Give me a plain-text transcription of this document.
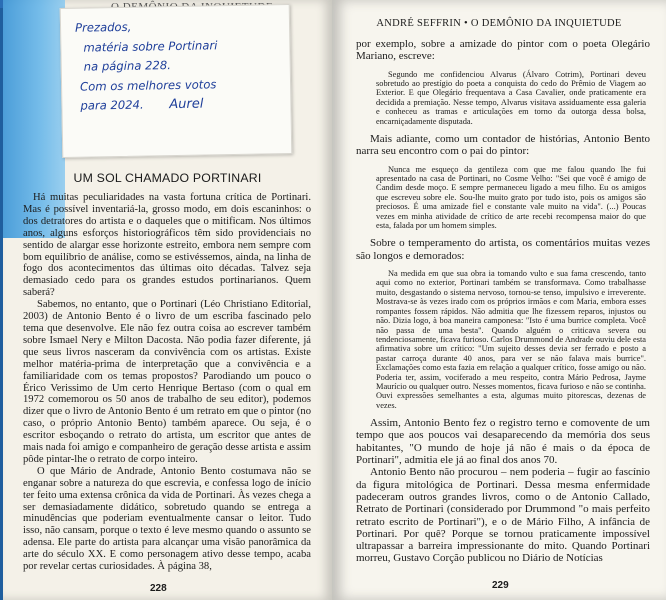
Prezados,
matéria sobre Portinari
na página 228.
Com os melhores votos
para 2024. Aurel
UM SOL CHAMADO PORTINARI

Há muitas peculiaridades na vasta fortuna crítica de Portinari. Mas é possível inventariá-la, grosso modo, em dois escaninhos: o dos detratores do artista e o daqueles que o mitificam. Nos últimos anos, alguns esforços historiográficos têm sido providenciais no sentido de alargar esse horizonte estreito, embora nem sempre com bom equilíbrio de análise, como se estivéssemos, ainda, na linha de fogo dos acontecimentos das últimas oito décadas. Talvez seja demasiado cedo para os grandes estudos portinarianos. Quem saberá?

Sabemos, no entanto, que o Portinari (Léo Christiano Editorial, 2003) de Antonio Bento é o livro de um escriba fascinado pelo tema que desenvolve. Ele não fez outra coisa ao escrever também sobre Ismael Nery e Milton Dacosta. Não podia fazer diferente, já que seus livros nasceram da convivência com os artistas. Existe melhor matéria-prima de interpretação que a convivência e a familiaridade com os temas propostos? Parodiando um pouco o Érico Verissimo de Um certo Henrique Bertaso (com o qual em 1972 comemorou os 50 anos de trabalho de seu editor), podemos dizer que o livro de Antonio Bento é um retrato em que o pintor (no caso, o próprio Antonio Bento) também aparece. Ou seja, é o escritor esboçando o retrato do artista, um escritor que antes de mais nada foi amigo e companheiro de geração desse artista e assim pôde pintar-lhe o retrato de corpo inteiro.

O que Mário de Andrade, Antonio Bento costumava não se enganar sobre a natureza do que escrevia, e confessa logo de início ter feito uma extensa crônica da vida de Portinari. Às vezes chega a ser demasiadamente didático, sobretudo quando se entrega a minudências que poderiam eventualmente cansar o leitor. Tudo isso, não cansam, porque o texto é leve mesmo quando o assunto se adensa. Ele parte do artista para alcançar uma visão panorâmica da arte do século XX. E como personagem ativo desse tempo, acaba por revelar certas curiosidades. À página 38,

228
ANDRÉ SEFFRIN • O DEMÔNIO DA INQUIETUDE

por exemplo, sobre a amizade do pintor com o poeta Olegário Mariano, escreve:

Segundo me confidenciou Alvarus (Álvaro Cotrim), Portinari deveu sobretudo ao prestígio do poeta a conquista do cedo do Prêmio de Viagem ao Exterior. E que Olegário frequentava a Casa Cavalier, onde praticamente era decidida a premiação. Nesse tempo, Alvarus visitava assiduamente essa galeria e conheceu as tramas e articulações em torno da outorga dessa bolsa, encarniçadamente disputada.

Mais adiante, como um contador de histórias, Antonio Bento narra seu encontro com o pai do pintor:

Nunca me esqueço da gentileza com que me falou quando lhe fui apresentado na casa de Portinari, no Cosme Velho: "Sei que você é amigo de Candim desde moço. E sempre permaneceu ligado a meu filho. Eu os amigos que escreveu sobre ele. Sou-lhe muito grato por tudo isto, pois os amigos são preciosos. É uma amizade fiel e constante vale muito na vida". (...) Poucas vezes em minha atividade de crítico de arte recebi recompensa maior do que esta, falada por um homem simples.

Sobre o temperamento do artista, os comentários muitas vezes são longos e demorados:

Na medida em que sua obra ia tomando vulto e sua fama crescendo, tanto aqui como no exterior, Portinari também se transformava. Como trabalhasse muito, desgastando o sistema nervoso, tornou-se tenso, impulsivo e irreverente. Mostrava-se às vezes irado com os próprios irmãos e com Maria, embora esses rompantes fossem rápidos. Não admitia que lhe fizessem reparos, injustos ou não. Dizia logo, à boa maneira camponesa: "Isto é uma burrice completa. Você não passa de uma besta". Quando alguém o criticava severa ou tendenciosamente, ficava furioso. Carlos Drummond de Andrade ouviu dele esta afirmativa sobre um crítico: "Um sujeito desses devia ser ferrado e posto a pastar carroça durante 40 anos, para ver se não falava mais burrice". Exclamações como esta fazia em relação a qualquer crítico, fosse amigo ou não. Poderia ter, assim, vociferado a meu respeito, contra Mário Pedrosa, Jayme Maurício ou qualquer outro. Nesses momentos, ficava furioso e não se continha. Ouvi expressões semelhantes a esta, algumas muito pitorescas, dezenas de vezes.

Assim, Antonio Bento fez o registro terno e comovente de um tempo que aos poucos vai desaparecendo da memória dos seus habitantes, "O mundo de hoje já não é mais o da época de Portinari", admitia ele já ao final dos anos 70.

Antonio Bento não procurou – nem poderia – fugir ao fascínio da figura mitológica de Portinari. Dessa mesma enfermidade padeceram outros grandes livros, como o de Antonio Callado, Retrato de Portinari (considerado por Drummond "o mais perfeito retrato escrito de Portinari"), e o de Mário Filho, A infância de Portinari. Por quê? Porque se tornou praticamente impossível ultrapassar a barreira impressionante do mito. Quando Portinari morreu, Gustavo Corção publicou no Diário de Notícias

229
